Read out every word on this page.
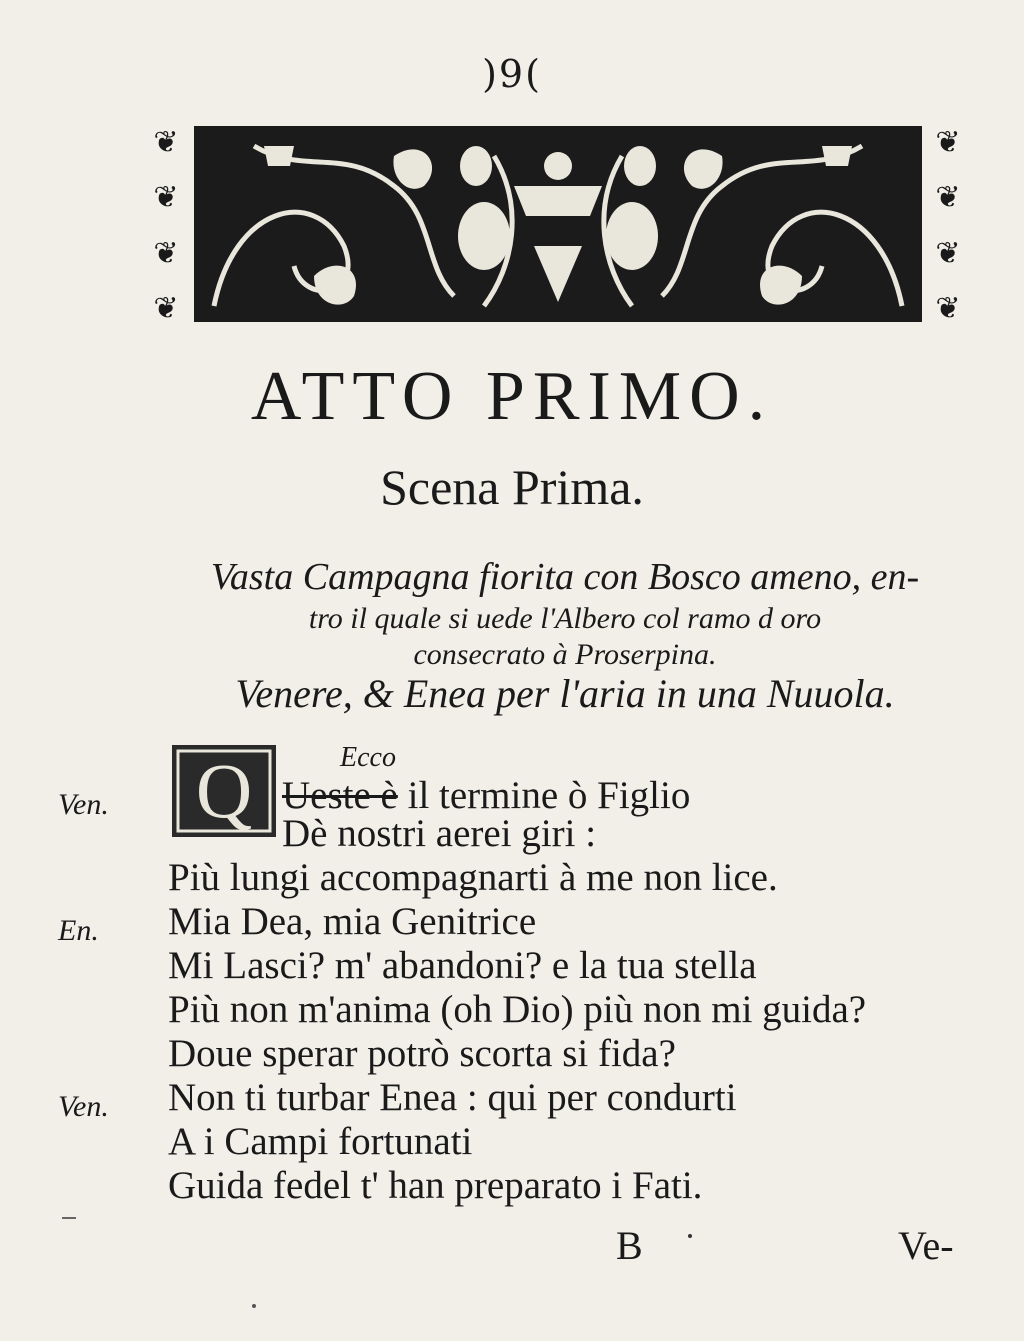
)9(
❦
❦
❦
❦
❦
❦
❦
❦
ATTO PRIMO.
Scena Prima.
Vasta Campagna fiorita con Bosco ameno, en-
tro il quale si uede l'Albero col ramo d oro
consecrato à Proserpina.
Venere, & Enea per l'aria in una Nuuola.
Ecco
Q
Ven.	Ueste è il termine ò Figlio
Dè nostri aerei giri :
Più lungi accompagnarti à me non lice.
En. Mia Dea, mia Genitrice
Mi Lasci? m' abandoni? e la tua stella
Più non m'anima (oh Dio) più non mi guida?
Doue sperar potrò scorta si fida?
Ven. Non ti turbar Enea : qui per condurti
A i Campi fortunati
Guida fedel t' han preparato i Fati.
B	Ve-
